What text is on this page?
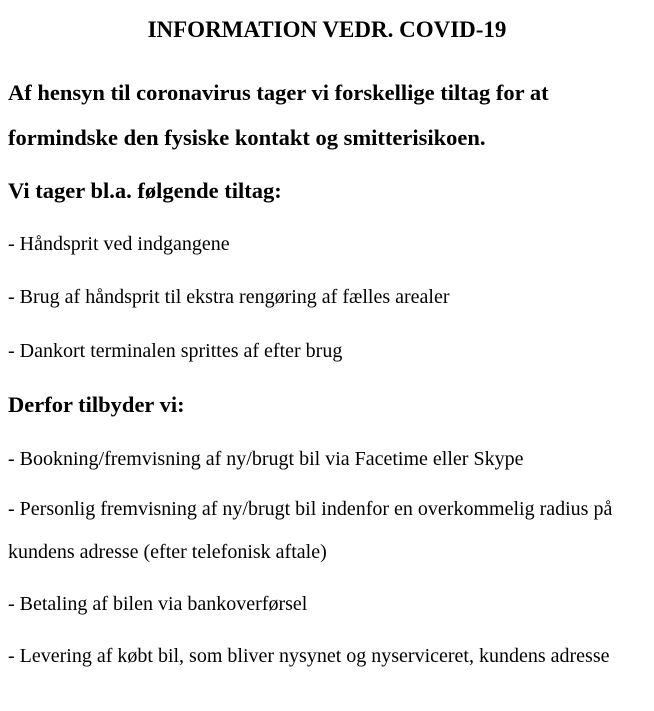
INFORMATION VEDR. COVID-19
Af hensyn til coronavirus tager vi forskellige tiltag for at formindske den fysiske kontakt og smitterisikoen.
Vi tager bl.a. følgende tiltag:
- Håndsprit ved indgangene
- Brug af håndsprit til ekstra rengøring af fælles arealer
- Dankort terminalen sprittes af efter brug
Derfor tilbyder vi:
- Bookning/fremvisning af ny/brugt bil via Facetime eller Skype
- Personlig fremvisning af ny/brugt bil indenfor en overkommelig radius på kundens adresse (efter telefonisk aftale)
- Betaling af bilen via bankoverførsel
- Levering af købt bil, som bliver nysynet og nyserviceret, kundens adresse
